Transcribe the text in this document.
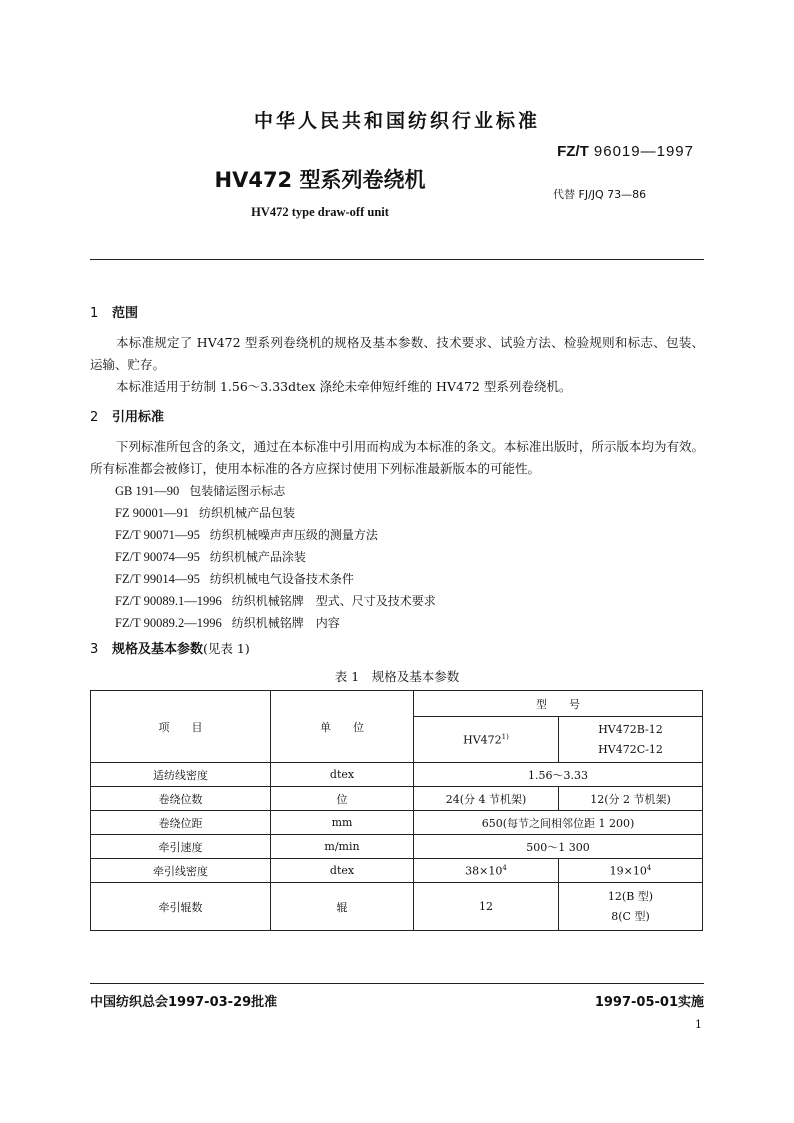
中华人民共和国纺织行业标准
FZ/T 96019—1997
HV472 型系列卷绕机
代替 FJ/JQ 73—86
HV472 type draw-off unit
1 范围
本标准规定了 HV472 型系列卷绕机的规格及基本参数、技术要求、试验方法、检验规则和标志、包装、运输、贮存。
本标准适用于纺制 1.56～3.33dtex 涤纶未牵伸短纤维的 HV472 型系列卷绕机。
2 引用标准
下列标准所包含的条文，通过在本标准中引用而构成为本标准的条文。本标准出版时，所示版本均为有效。所有标准都会被修订，使用本标准的各方应探讨使用下列标准最新版本的可能性。
GB 191—90 包装储运图示标志
FZ 90001—91 纺织机械产品包装
FZ/T 90071—95 纺织机械噪声声压级的测量方法
FZ/T 90074—95 纺织机械产品涂装
FZ/T 99014—95 纺织机械电气设备技术条件
FZ/T 90089.1—1996 纺织机械铭牌　型式、尺寸及技术要求
FZ/T 90089.2—1996 纺织机械铭牌　内容
3 规格及基本参数(见表 1)
表 1　规格及基本参数
项　　目	单　　位	型　　号	
		HV472$^{1)}$	HV472B-12
HV472C-12

适纺线密度	dtex	1.56～3.33	
卷绕位数	位	24(分 4 节机架)	12(分 2 节机架)
卷绕位距	mm	650(每节之间相邻位距 1 200)	
牵引速度	m/min	500～1 300	
牵引线密度	dtex	$38\times 10^4$	$19\times 10^4$
牵引辊数	辊	12	12(B 型)
8(C 型)
中国纺织总会1997-03-29批准	1997-05-01实施
1
